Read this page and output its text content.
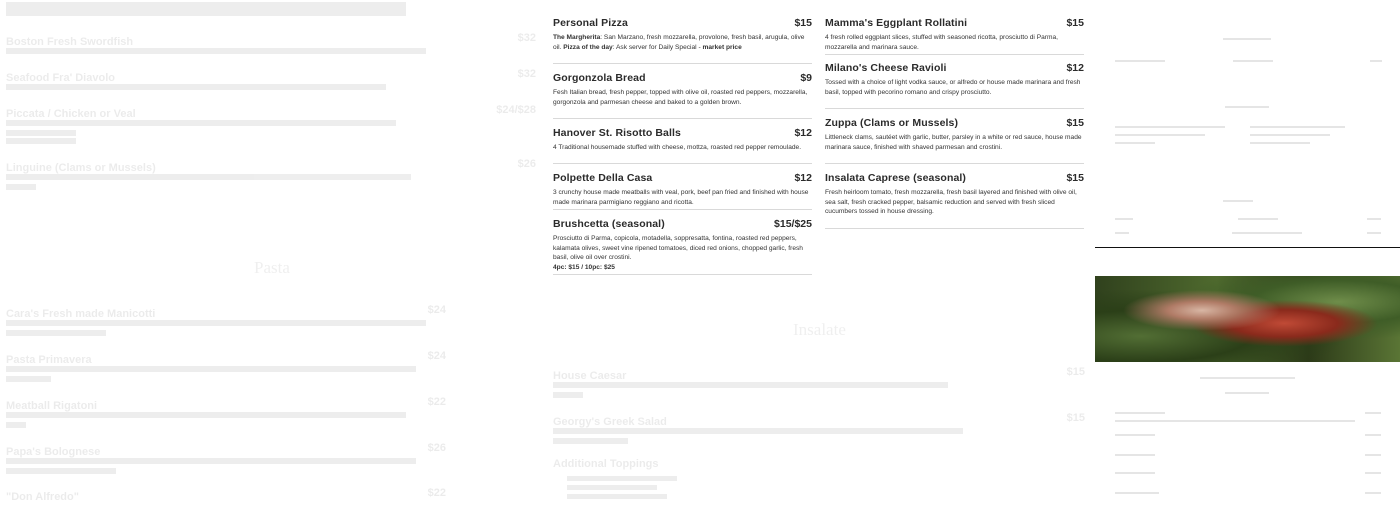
Boston Fresh Swordfish	$32
Seafood Fra' Diavolo	$32
Piccata / Chicken or Veal	$24/$28
Linguine (Clams or Mussels)	$26
Pasta
Cara's Fresh made Manicotti	$24
Pasta Primavera	$24
Meatball Rigatoni	$22
Papa's Bolognese	$26
"Don Alfredo"	$22
Personal Pizza	$15
The Margherita: San Marzano, fresh mozzarella, provolone, fresh basil, arugula, olive oil. Pizza of the day: Ask server for Daily Special - market price
Gorgonzola Bread	$9
Fesh Italian bread, fresh pepper, topped with olive oil, roasted red peppers, mozzarella, gorgonzola and parmesan cheese and baked to a golden brown.
Hanover St. Risotto Balls	$12
4 Traditional housemade stuffed with cheese, mottza, roasted red pepper remoulade.
Polpette Della Casa	$12
3 crunchy house made meatballs with veal, pork, beef pan fried and finished with house made marinara parmigiano reggiano and ricotta.
Brushcetta (seasonal)	$15/$25
Prosciutto di Parma, copicola, motadella, soppresatta, fontina, roasted red peppers, kalamata olives, sweet vine ripened tomatoes, diced red onions, chopped garlic, fresh basil, olive oil over crostini.
4pc: $15 / 10pc: $25
Insalate
House Caesar	$15
Georgy's Greek Salad	$15
Additional Toppings
Mamma's Eggplant Rollatini	$15
4 fresh rolled eggplant slices, stuffed with seasoned ricotta, prosciutto di Parma, mozzarella and marinara sauce.
Milano's Cheese Ravioli	$12
Tossed with a choice of light vodka sauce, or alfredo or house made marinara and fresh basil, topped with pecorino romano and crispy prosciutto.
Zuppa (Clams or Mussels)	$15
Littleneck clams, sautéet with garlic, butter, parsley in a white or red sauce, house made marinara sauce, finished with shaved parmesan and crostini.
Insalata Caprese (seasonal)	$15
Fresh heirloom tomato, fresh mozzarella, fresh basil layered and finished with olive oil, sea salt, fresh cracked pepper, balsamic reduction and served with fresh sliced cucumbers tossed in house dressing.
